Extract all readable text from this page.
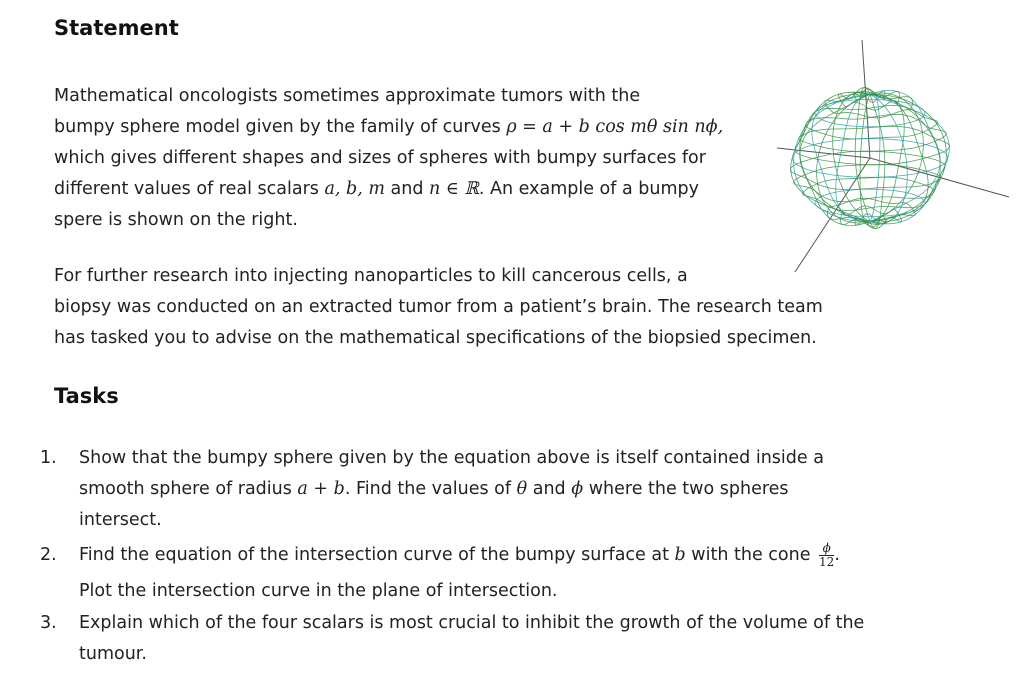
Statement
Mathematical oncologists sometimes approximate tumors with the
bumpy sphere model given by the family of curves ρ = a + b cos mθ sin nϕ,
which gives different shapes and sizes of spheres with bumpy surfaces for
different values of real scalars a, b, m and n ∈ ℝ. An example of a bumpy
spere is shown on the right.
For further research into injecting nanoparticles to kill cancerous cells, a
biopsy was conducted on an extracted tumor from a patient’s brain. The research team
has tasked you to advise on the mathematical specifications of the biopsied specimen.
Tasks
1. Show that the bumpy sphere given by the equation above is itself contained inside a
smooth sphere of radius a + b. Find the values of θ and ϕ where the two spheres
intersect.
2. Find the equation of the intersection curve of the bumpy surface at b with the cone $\frac{\phi}{12}$ .
Plot the intersection curve in the plane of intersection.
3. Explain which of the four scalars is most crucial to inhibit the growth of the volume of the
tumour.
